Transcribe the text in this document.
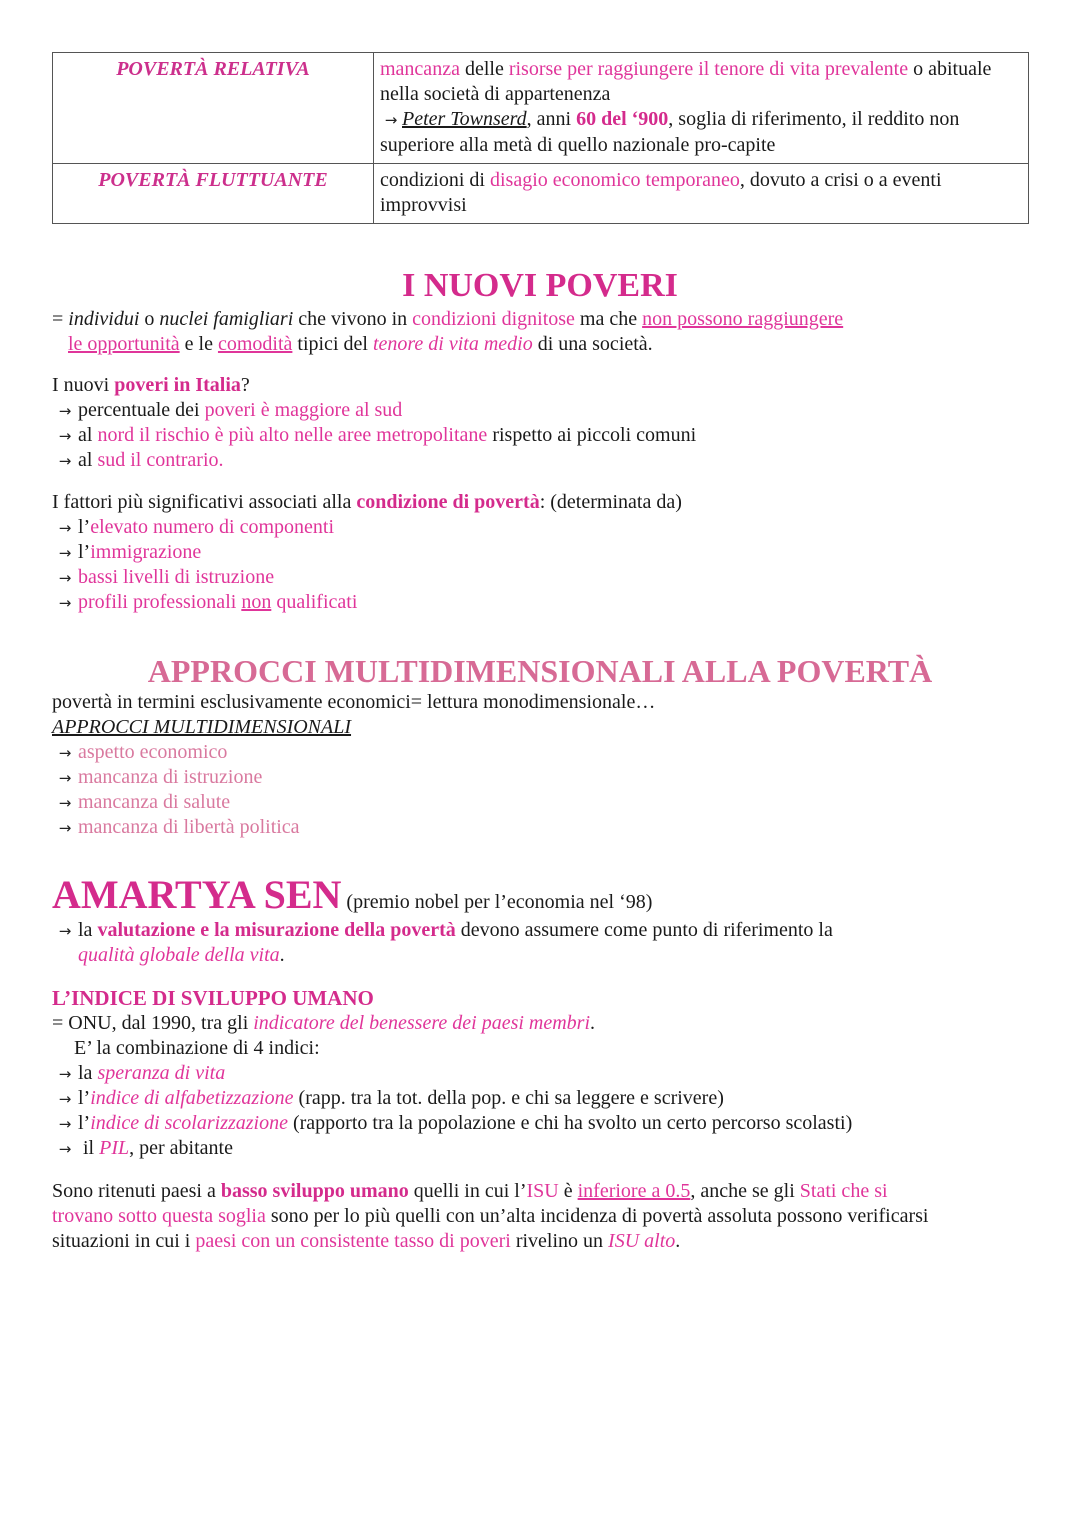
POVERTÀ RELATIVA	mancanza delle risorse per raggiungere il tenore di vita prevalente o abituale nella società di appartenenza
→ Peter Townserd, anni 60 del ‘900, soglia di riferimento, il reddito non superiore alla metà di quello nazionale pro-capite

POVERTÀ FLUTTUANTE	condizioni di disagio economico temporaneo, dovuto a crisi o a eventi improvvisi
I NUOVI POVERI
= individui o nuclei famigliari che vivono in condizioni dignitose ma che non possono raggiungere
le opportunità e le comodità tipici del tenore di vita medio di una società.
I nuovi poveri in Italia?
→ percentuale dei poveri è maggiore al sud
→ al nord il rischio è più alto nelle aree metropolitane rispetto ai piccoli comuni
→ al sud il contrario.
I fattori più significativi associati alla condizione di povertà: (determinata da)
→ l’elevato numero di componenti
→ l’immigrazione
→ bassi livelli di istruzione
→ profili professionali non qualificati
APPROCCI MULTIDIMENSIONALI ALLA POVERTÀ
povertà in termini esclusivamente economici= lettura monodimensionale…
APPROCCI MULTIDIMENSIONALI
→ aspetto economico
→ mancanza di istruzione
→ mancanza di salute
→ mancanza di libertà politica
AMARTYA SEN (premio nobel per l’economia nel ‘98)
→ la valutazione e la misurazione della povertà devono assumere come punto di riferimento la
qualità globale della vita.
L’INDICE DI SVILUPPO UMANO
= ONU, dal 1990, tra gli indicatore del benessere dei paesi membri.
E’ la combinazione di 4 indici:
→ la speranza di vita
→ l’indice di alfabetizzazione (rapp. tra la tot. della pop. e chi sa leggere e scrivere)
→ l’indice di scolarizzazione (rapporto tra la popolazione e chi ha svolto un certo percorso scolasti)
→ il PIL, per abitante
Sono ritenuti paesi a basso sviluppo umano quelli in cui l’ISU è inferiore a 0.5, anche se gli Stati che si
trovano sotto questa soglia sono per lo più quelli con un’alta incidenza di povertà assoluta possono verificarsi
situazioni in cui i paesi con un consistente tasso di poveri rivelino un ISU alto.
